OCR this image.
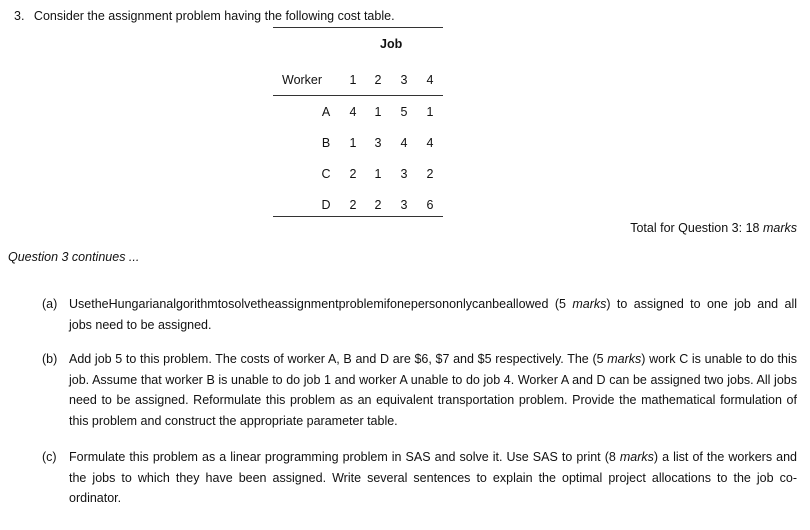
3. Consider the assignment problem having the following cost table.
Job
Worker	1	2	3	4
A	4	1	5	1
B	1	3	4	4
C	2	1	3	2
D	2	2	3	6
Total for Question 3: 18 marks
Question 3 continues ...
(a) UsetheHungarianalgorithmtosolvetheassignmentproblemifonepersononlycanbeallowed (5 marks) to assigned to one job and all jobs need to be assigned.
(b) Add job 5 to this problem. The costs of worker A, B and D are $6, $7 and $5 respectively. The (5 marks) work C is unable to do this job. Assume that worker B is unable to do job 1 and worker A unable to do job 4. Worker A and D can be assigned two jobs. All jobs need to be assigned. Reformulate this problem as an equivalent transportation problem. Provide the mathematical formulation of this problem and construct the appropriate parameter table.
(c) Formulate this problem as a linear programming problem in SAS and solve it. Use SAS to print (8 marks) a list of the workers and the jobs to which they have been assigned. Write several sentences to explain the optimal project allocations to the job co-ordinator.
